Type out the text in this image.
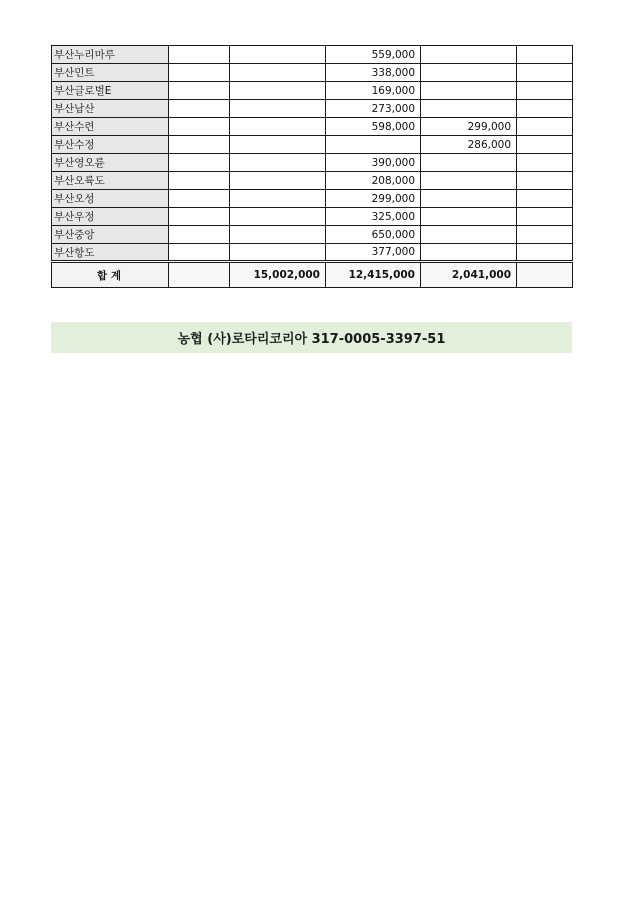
부산누리마루			559,000		
부산민트			338,000		
부산글로벌E			169,000		
부산남산			273,000		
부산수련			598,000	299,000	
부산수정				286,000	
부산영오륜			390,000		
부산오륙도			208,000		
부산오성			299,000		
부산우정			325,000		
부산중앙			650,000		
부산항도			377,000		
합 계		15,002,000	12,415,000	2,041,000	
농협 (사)로타리코리아 317-0005-3397-51
